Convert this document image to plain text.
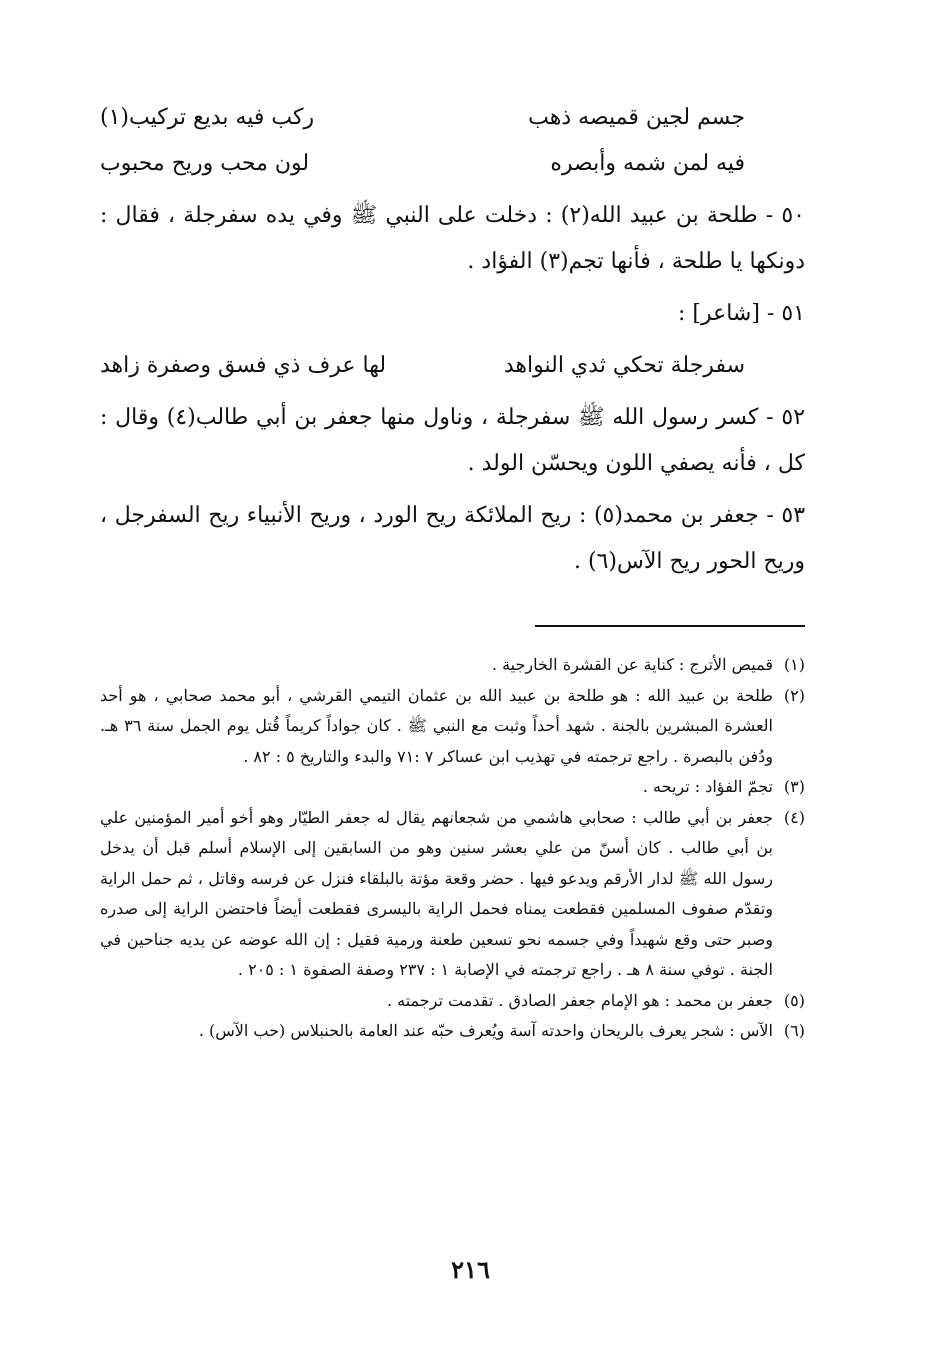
جسم لجين قميصه ذهب
ركب فيه بديع تركيب(١)
فيه لمن شمه وأبصره
لون محب وريح محبوب

٥٠ - طلحة بن عبيد الله(٢) : دخلت على النبي ﷺ وفي يده سفرجلة ، فقال : دونكها يا طلحة ، فأنها تجم(٣) الفؤاد .

٥١ - [شاعر] :

سفرجلة تحكي ثدي النواهد
لها عرف ذي فسق وصفرة زاهد

٥٢ - كسر رسول الله ﷺ سفرجلة ، وناول منها جعفر بن أبي طالب(٤) وقال : كل ، فأنه يصفي اللون ويحسّن الولد .

٥٣ - جعفر بن محمد(٥) : ريح الملائكة ريح الورد ، وريح الأنبياء ريح السفرجل ، وريح الحور ريح الآس(٦) .

(١)
قميص الأترج : كناية عن القشرة الخارجية .
(٢)
طلحة بن عبيد الله : هو طلحة بن عبيد الله بن عثمان التيمي القرشي ، أبو محمد صحابي ، هو أحد العشرة المبشرين بالجنة . شهد أحداً وثبت مع النبي ﷺ . كان جواداً كريماً قُتل يوم الجمل سنة ٣٦ هـ. ودُفن بالبصرة . راجع ترجمته في تهذيب ابن عساكر ٧ :٧١ والبدء والتاريخ ٥ : ٨٢ .
(٣)
تجمّ الفؤاد : تريحه .
(٤)
جعفر بن أبي طالب : صحابي هاشمي من شجعانهم يقال له جعفر الطيّار وهو أخو أمير المؤمنين علي بن أبي طالب . كان أسنّ من علي بعشر سنين وهو من السابقين إلى الإسلام أسلم قبل أن يدخل رسول الله ﷺ لدار الأرقم ويدعو فيها . حضر وقعة مؤتة بالبلقاء فنزل عن فرسه وقاتل ، ثم حمل الراية وتقدّم صفوف المسلمين فقطعت يمناه فحمل الراية باليسرى فقطعت أيضاً فاحتضن الراية إلى صدره وصبر حتى وقع شهيداً وفي جسمه نحو تسعين طعنة ورمية فقيل : إن الله عوضه عن يديه جناحين في الجنة . توفي سنة ٨ هـ . راجع ترجمته في الإصابة ١ : ٢٣٧ وصفة الصفوة ١ : ٢٠٥ .
(٥)
جعفر بن محمد : هو الإمام جعفر الصادق . تقدمت ترجمته .
(٦)
الآس : شجر يعرف بالريحان واحدته آسة ويُعرف حبّه عند العامة بالحنبلاس (حب الآس) .
٢١٦
